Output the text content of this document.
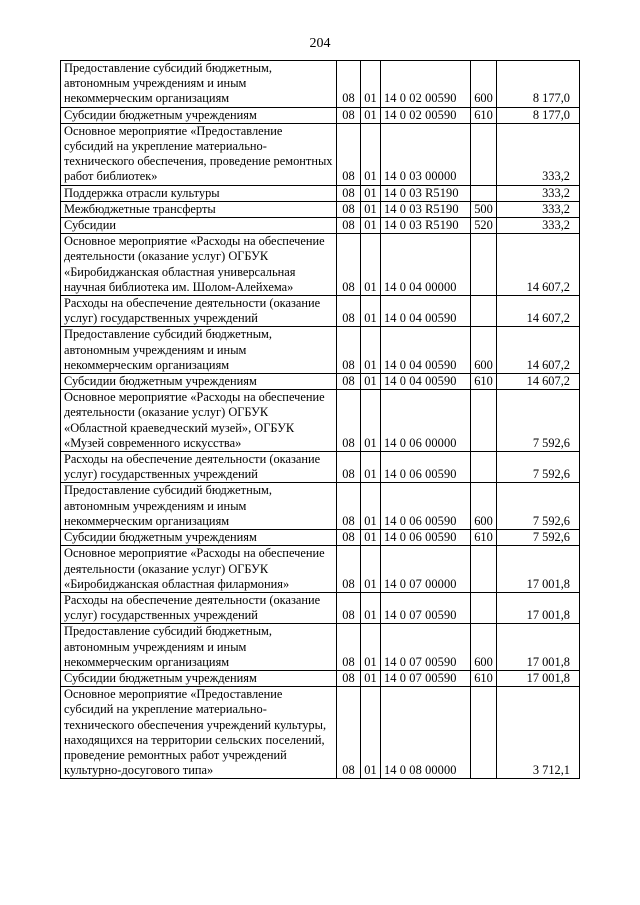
204
Предоставление субсидий бюджетным, автономным учреждениям и иным некоммерческим организациям	08	01	14 0 02 00590	600	8 177,0
Субсидии бюджетным учреждениям	08	01	14 0 02 00590	610	8 177,0
Основное мероприятие «Предоставление субсидий на укрепление материально-технического обеспечения, проведение ремонтных работ библиотек»	08	01	14 0 03 00000		333,2
Поддержка отрасли культуры	08	01	14 0 03 R5190		333,2
Межбюджетные трансферты	08	01	14 0 03 R5190	500	333,2
Субсидии	08	01	14 0 03 R5190	520	333,2
Основное мероприятие «Расходы на обеспечение деятельности (оказание услуг) ОГБУК «Биробиджанская областная универсальная научная библиотека им. Шолом-Алейхема»	08	01	14 0 04 00000		14 607,2
Расходы на обеспечение деятельности (оказание услуг) государственных учреждений	08	01	14 0 04 00590		14 607,2
Предоставление субсидий бюджетным, автономным учреждениям и иным некоммерческим организациям	08	01	14 0 04 00590	600	14 607,2
Субсидии бюджетным учреждениям	08	01	14 0 04 00590	610	14 607,2
Основное мероприятие «Расходы на обеспечение деятельности (оказание услуг) ОГБУК «Областной краеведческий музей», ОГБУК «Музей современного искусства»	08	01	14 0 06 00000		7 592,6
Расходы на обеспечение деятельности (оказание услуг) государственных учреждений	08	01	14 0 06 00590		7 592,6
Предоставление субсидий бюджетным, автономным учреждениям и иным некоммерческим организациям	08	01	14 0 06 00590	600	7 592,6
Субсидии бюджетным учреждениям	08	01	14 0 06 00590	610	7 592,6
Основное мероприятие «Расходы на обеспечение деятельности (оказание услуг) ОГБУК «Биробиджанская областная филармония»	08	01	14 0 07 00000		17 001,8
Расходы на обеспечение деятельности (оказание услуг) государственных учреждений	08	01	14 0 07 00590		17 001,8
Предоставление субсидий бюджетным, автономным учреждениям и иным некоммерческим организациям	08	01	14 0 07 00590	600	17 001,8
Субсидии бюджетным учреждениям	08	01	14 0 07 00590	610	17 001,8
Основное мероприятие «Предоставление субсидий на укрепление материально-технического обеспечения учреждений культуры, находящихся на территории сельских поселений, проведение ремонтных работ учреждений культурно-досугового типа»	08	01	14 0 08 00000		3 712,1
